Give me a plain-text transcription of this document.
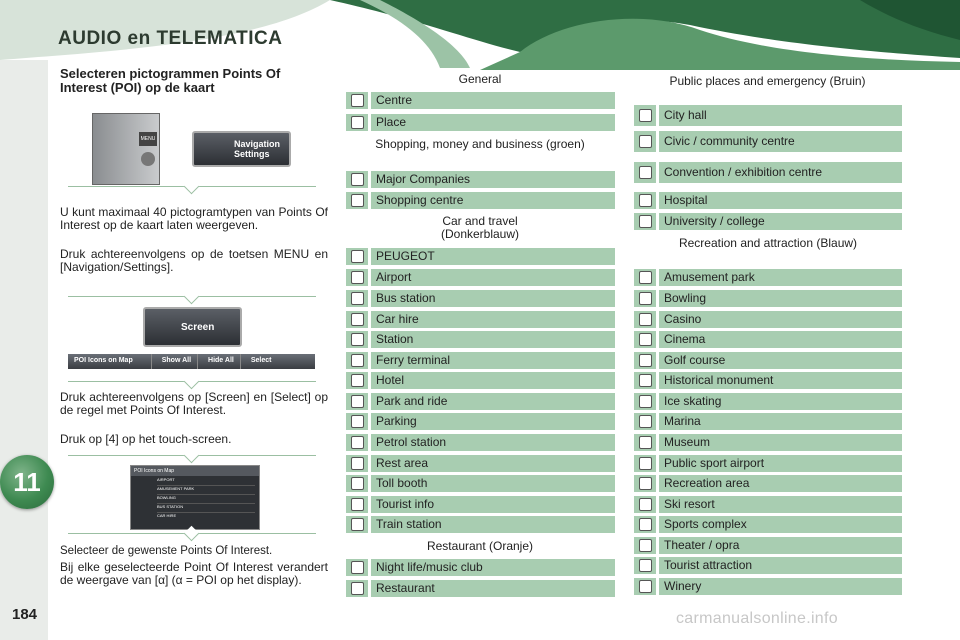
AUDIO en TELEMATICA
11
184
Selecteren pictogrammen Points Of Interest (POI) op de kaart
MENU	Navigation Settings
U kunt maximaal 40 pictogramtypen van Points Of Interest op de kaart laten weergeven.
Druk achtereenvolgens op de toetsen MENU en [Navigation/Settings].
Screen
POI Icons on Map	Show All	Hide All	Select
Druk achtereenvolgens op [Screen] en [Select] op de regel met Points Of Interest.
Druk op [4] op het touch-screen.
POI Icons on Map
AIRPORT
AMUSEMENT PARK
BOWLING
BUS STATION
CAR HIRE
Selecteer de gewenste Points Of Interest.
Bij elke geselecteerde Point Of Interest verandert de weergave van [α] (α = POI op het display).
General
Centre
Place
Shopping, money and business (groen)
Major Companies
Shopping centre
Car and travel (Donkerblauw)
PEUGEOT
Airport
Bus station
Car hire
Station
Ferry terminal
Hotel
Park and ride
Parking
Petrol station
Rest area
Toll booth
Tourist info
Train station
Restaurant (Oranje)
Night life/music club
Restaurant
Public places and emergency (Bruin)
City hall
Civic / community centre
Convention / exhibition centre
Hospital
University / college
Recreation and attraction (Blauw)
Amusement park
Bowling
Casino
Cinema
Golf course
Historical monument
Ice skating
Marina
Museum
Public sport airport
Recreation area
Ski resort
Sports complex
Theater / opra
Tourist attraction
Winery
carmanualsonline.info
